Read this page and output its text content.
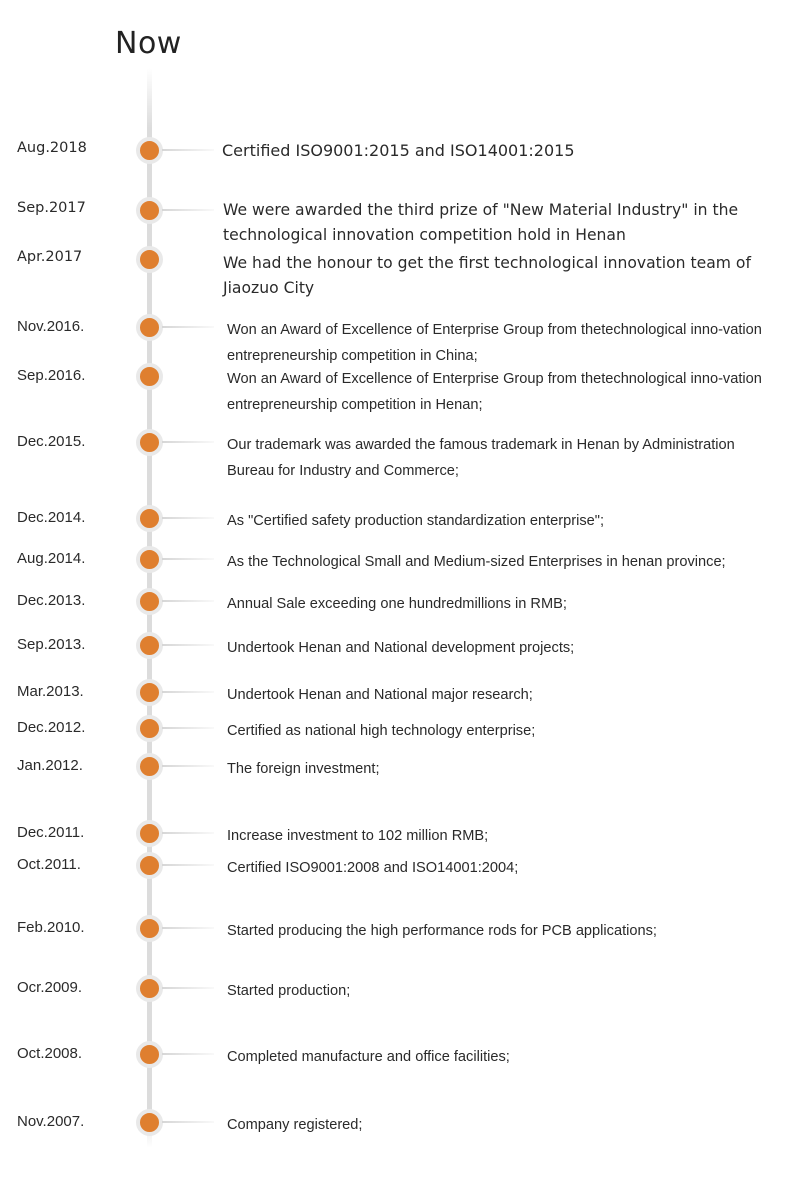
Now
Aug.2018	Certified ISO9001:2015 and ISO14001:2015
Sep.2017	We were awarded the third prize of "New Material Industry" in the technological innovation competition hold in Henan
Apr.2017	We had the honour to get the first technological innovation team of Jiaozuo City
Nov.2016.	Won an Award of Excellence of Enterprise Group from thetechnological inno-vation entrepreneurship competition in China;
Sep.2016.	Won an Award of Excellence of Enterprise Group from thetechnological inno-vation entrepreneurship competition in Henan;
Dec.2015.	Our trademark was awarded the famous trademark in Henan by Administration Bureau for Industry and Commerce;
Dec.2014.	As "Certified safety production standardization enterprise";
Aug.2014.	As the Technological Small and Medium-sized Enterprises in henan province;
Dec.2013.	Annual Sale exceeding one hundredmillions in RMB;
Sep.2013.	Undertook Henan and National development projects;
Mar.2013.	Undertook Henan and National major research;
Dec.2012.	Certified as national high technology enterprise;
Jan.2012.	The foreign investment;
Dec.2011.	Increase investment to 102 million RMB;
Oct.2011.	Certified ISO9001:2008 and ISO14001:2004;
Feb.2010.	Started producing the high performance rods for PCB applications;
Ocr.2009.	Started production;
Oct.2008.	Completed manufacture and office facilities;
Nov.2007.	Company registered;
